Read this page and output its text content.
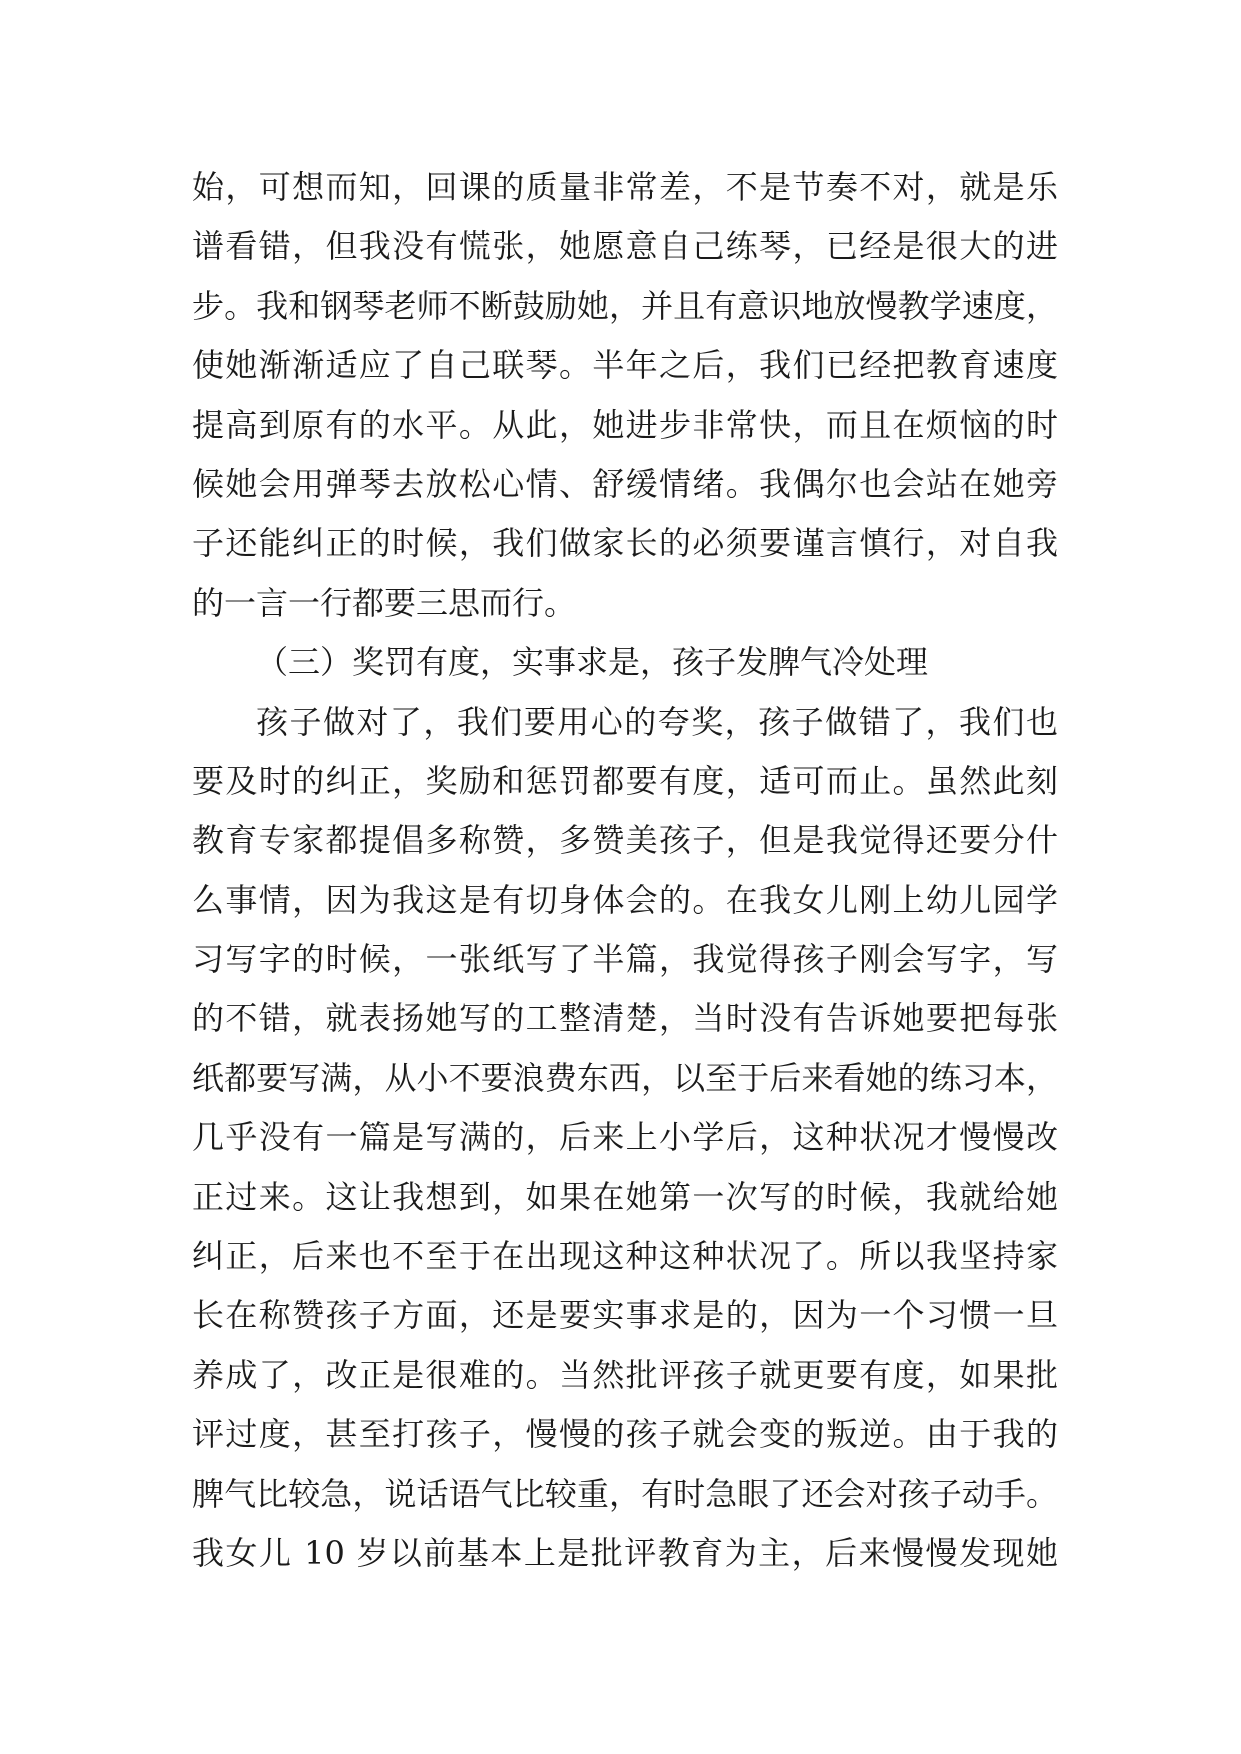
始，可想而知，回课的质量非常差，不是节奏不对，就是乐
谱看错，但我没有慌张，她愿意自己练琴，已经是很大的进
步。我和钢琴老师不断鼓励她，并且有意识地放慢教学速度，
使她渐渐适应了自己联琴。半年之后，我们已经把教育速度
提高到原有的水平。从此，她进步非常快，而且在烦恼的时
候她会用弹琴去放松心情、舒缓情绪。我偶尔也会站在她旁
子还能纠正的时候，我们做家长的必须要谨言慎行，对自我
的一言一行都要三思而行。
（三）奖罚有度，实事求是，孩子发脾气冷处理
孩子做对了，我们要用心的夸奖，孩子做错了，我们也
要及时的纠正，奖励和惩罚都要有度，适可而止。虽然此刻
教育专家都提倡多称赞，多赞美孩子，但是我觉得还要分什
么事情，因为我这是有切身体会的。在我女儿刚上幼儿园学
习写字的时候，一张纸写了半篇，我觉得孩子刚会写字，写
的不错，就表扬她写的工整清楚，当时没有告诉她要把每张
纸都要写满，从小不要浪费东西，以至于后来看她的练习本，
几乎没有一篇是写满的，后来上小学后，这种状况才慢慢改
正过来。这让我想到，如果在她第一次写的时候，我就给她
纠正，后来也不至于在出现这种这种状况了。所以我坚持家
长在称赞孩子方面，还是要实事求是的，因为一个习惯一旦
养成了，改正是很难的。当然批评孩子就更要有度，如果批
评过度，甚至打孩子，慢慢的孩子就会变的叛逆。由于我的
脾气比较急，说话语气比较重，有时急眼了还会对孩子动手。
我女儿 10 岁以前基本上是批评教育为主，后来慢慢发现她
